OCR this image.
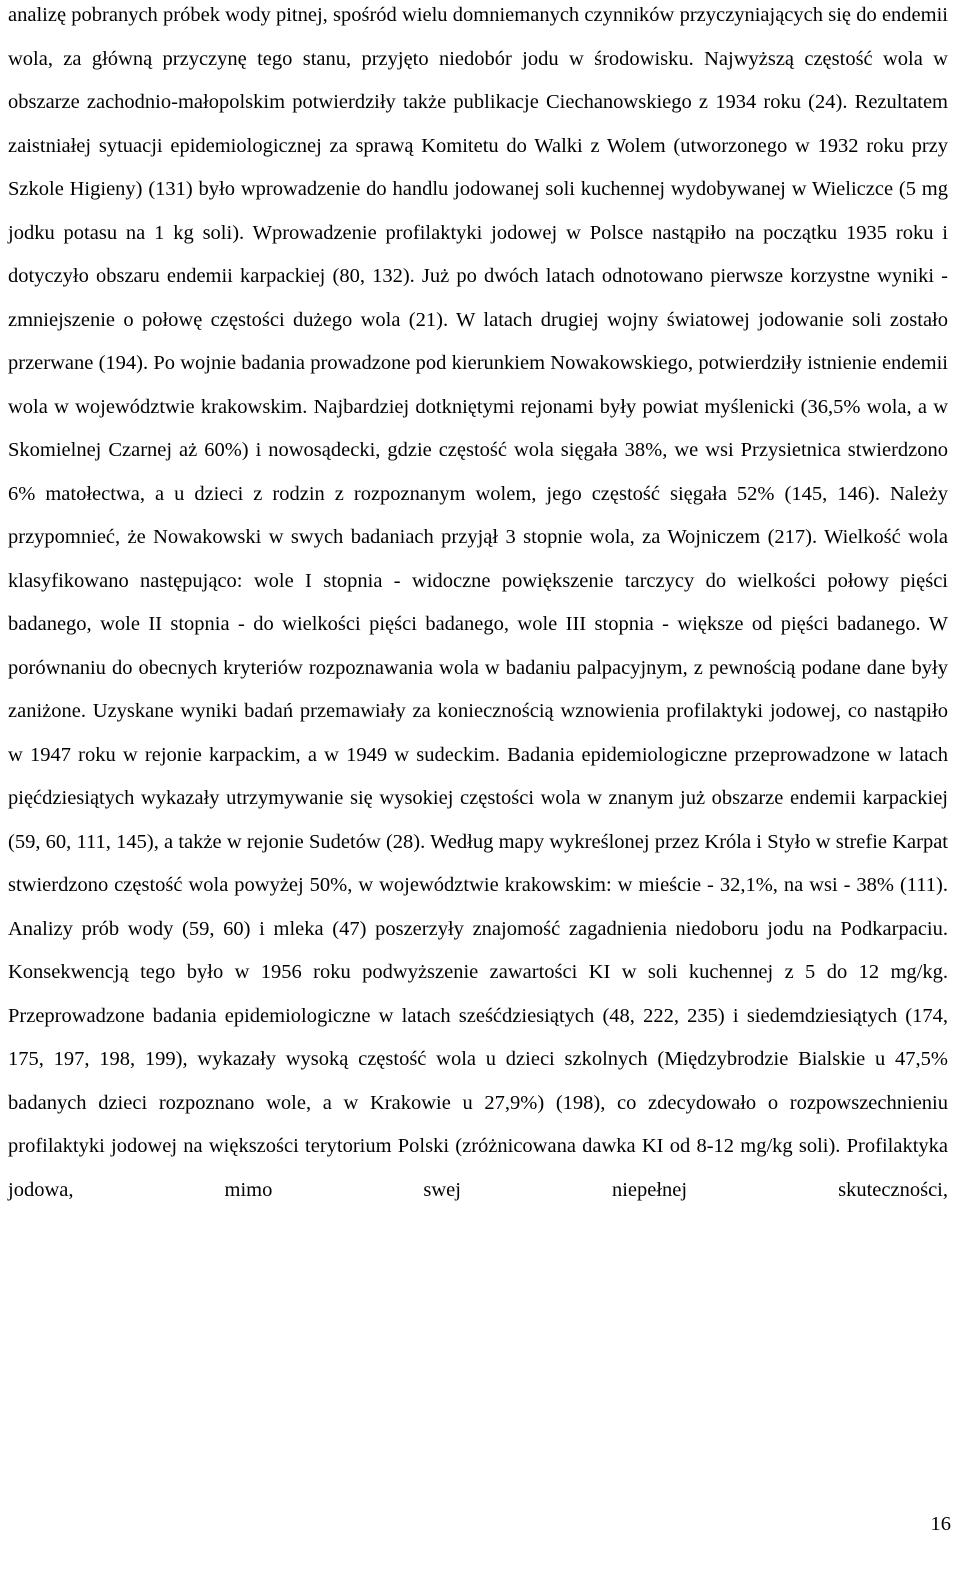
analizę pobranych próbek wody pitnej, spośród wielu domniemanych czynników przyczyniających się do endemii wola, za główną przyczynę tego stanu, przyjęto niedobór jodu w środowisku. Najwyższą częstość wola w obszarze zachodnio-małopolskim potwierdziły także publikacje Ciechanowskiego z 1934 roku (24). Rezultatem zaistniałej sytuacji epidemiologicznej za sprawą Komitetu do Walki z Wolem (utworzonego w 1932 roku przy Szkole Higieny) (131) było wprowadzenie do handlu jodowanej soli kuchennej wydobywanej w Wieliczce (5 mg jodku potasu na 1 kg soli). Wprowadzenie profilaktyki jodowej w Polsce nastąpiło na początku 1935 roku i dotyczyło obszaru endemii karpackiej (80, 132). Już po dwóch latach odnotowano pierwsze korzystne wyniki - zmniejszenie o połowę częstości dużego wola (21). W latach drugiej wojny światowej jodowanie soli zostało przerwane (194). Po wojnie badania prowadzone pod kierunkiem Nowakowskiego, potwierdziły istnienie endemii wola w województwie krakowskim. Najbardziej dotkniętymi rejonami były powiat myślenicki (36,5% wola, a w Skomielnej Czarnej aż 60%) i nowosądecki, gdzie częstość wola sięgała 38%, we wsi Przysietnica stwierdzono 6% matołectwa, a u dzieci z rodzin z rozpoznanym wolem, jego częstość sięgała 52% (145, 146). Należy przypomnieć, że Nowakowski w swych badaniach przyjął 3 stopnie wola, za Wojniczem (217). Wielkość wola klasyfikowano następująco: wole I stopnia - widoczne powiększenie tarczycy do wielkości połowy pięści badanego, wole II stopnia - do wielkości pięści badanego, wole III stopnia - większe od pięści badanego. W porównaniu do obecnych kryteriów rozpoznawania wola w badaniu palpacyjnym, z pewnością podane dane były zaniżone. Uzyskane wyniki badań przemawiały za koniecznością wznowienia profilaktyki jodowej, co nastąpiło w 1947 roku w rejonie karpackim, a w 1949 w sudeckim. Badania epidemiologiczne przeprowadzone w latach pięćdziesiątych wykazały utrzymywanie się wysokiej częstości wola w znanym już obszarze endemii karpackiej (59, 60, 111, 145), a także w rejonie Sudetów (28). Według mapy wykreślonej przez Króla i Styło w strefie Karpat stwierdzono częstość wola powyżej 50%, w województwie krakowskim: w mieście - 32,1%, na wsi - 38% (111). Analizy prób wody (59, 60) i mleka (47) poszerzyły znajomość zagadnienia niedoboru jodu na Podkarpaciu. Konsekwencją tego było w 1956 roku podwyższenie zawartości KI w soli kuchennej z 5 do 12 mg/kg. Przeprowadzone badania epidemiologiczne w latach sześćdziesiątych (48, 222, 235) i siedemdziesiątych (174, 175, 197, 198, 199), wykazały wysoką częstość wola u dzieci szkolnych (Międzybrodzie Bialskie u 47,5% badanych dzieci rozpoznano wole, a w Krakowie u 27,9%) (198), co zdecydowało o rozpowszechnieniu profilaktyki jodowej na większości terytorium Polski (zróżnicowana dawka KI od 8-12 mg/kg soli). Profilaktyka jodowa, mimo swej niepełnej skuteczności,

16
